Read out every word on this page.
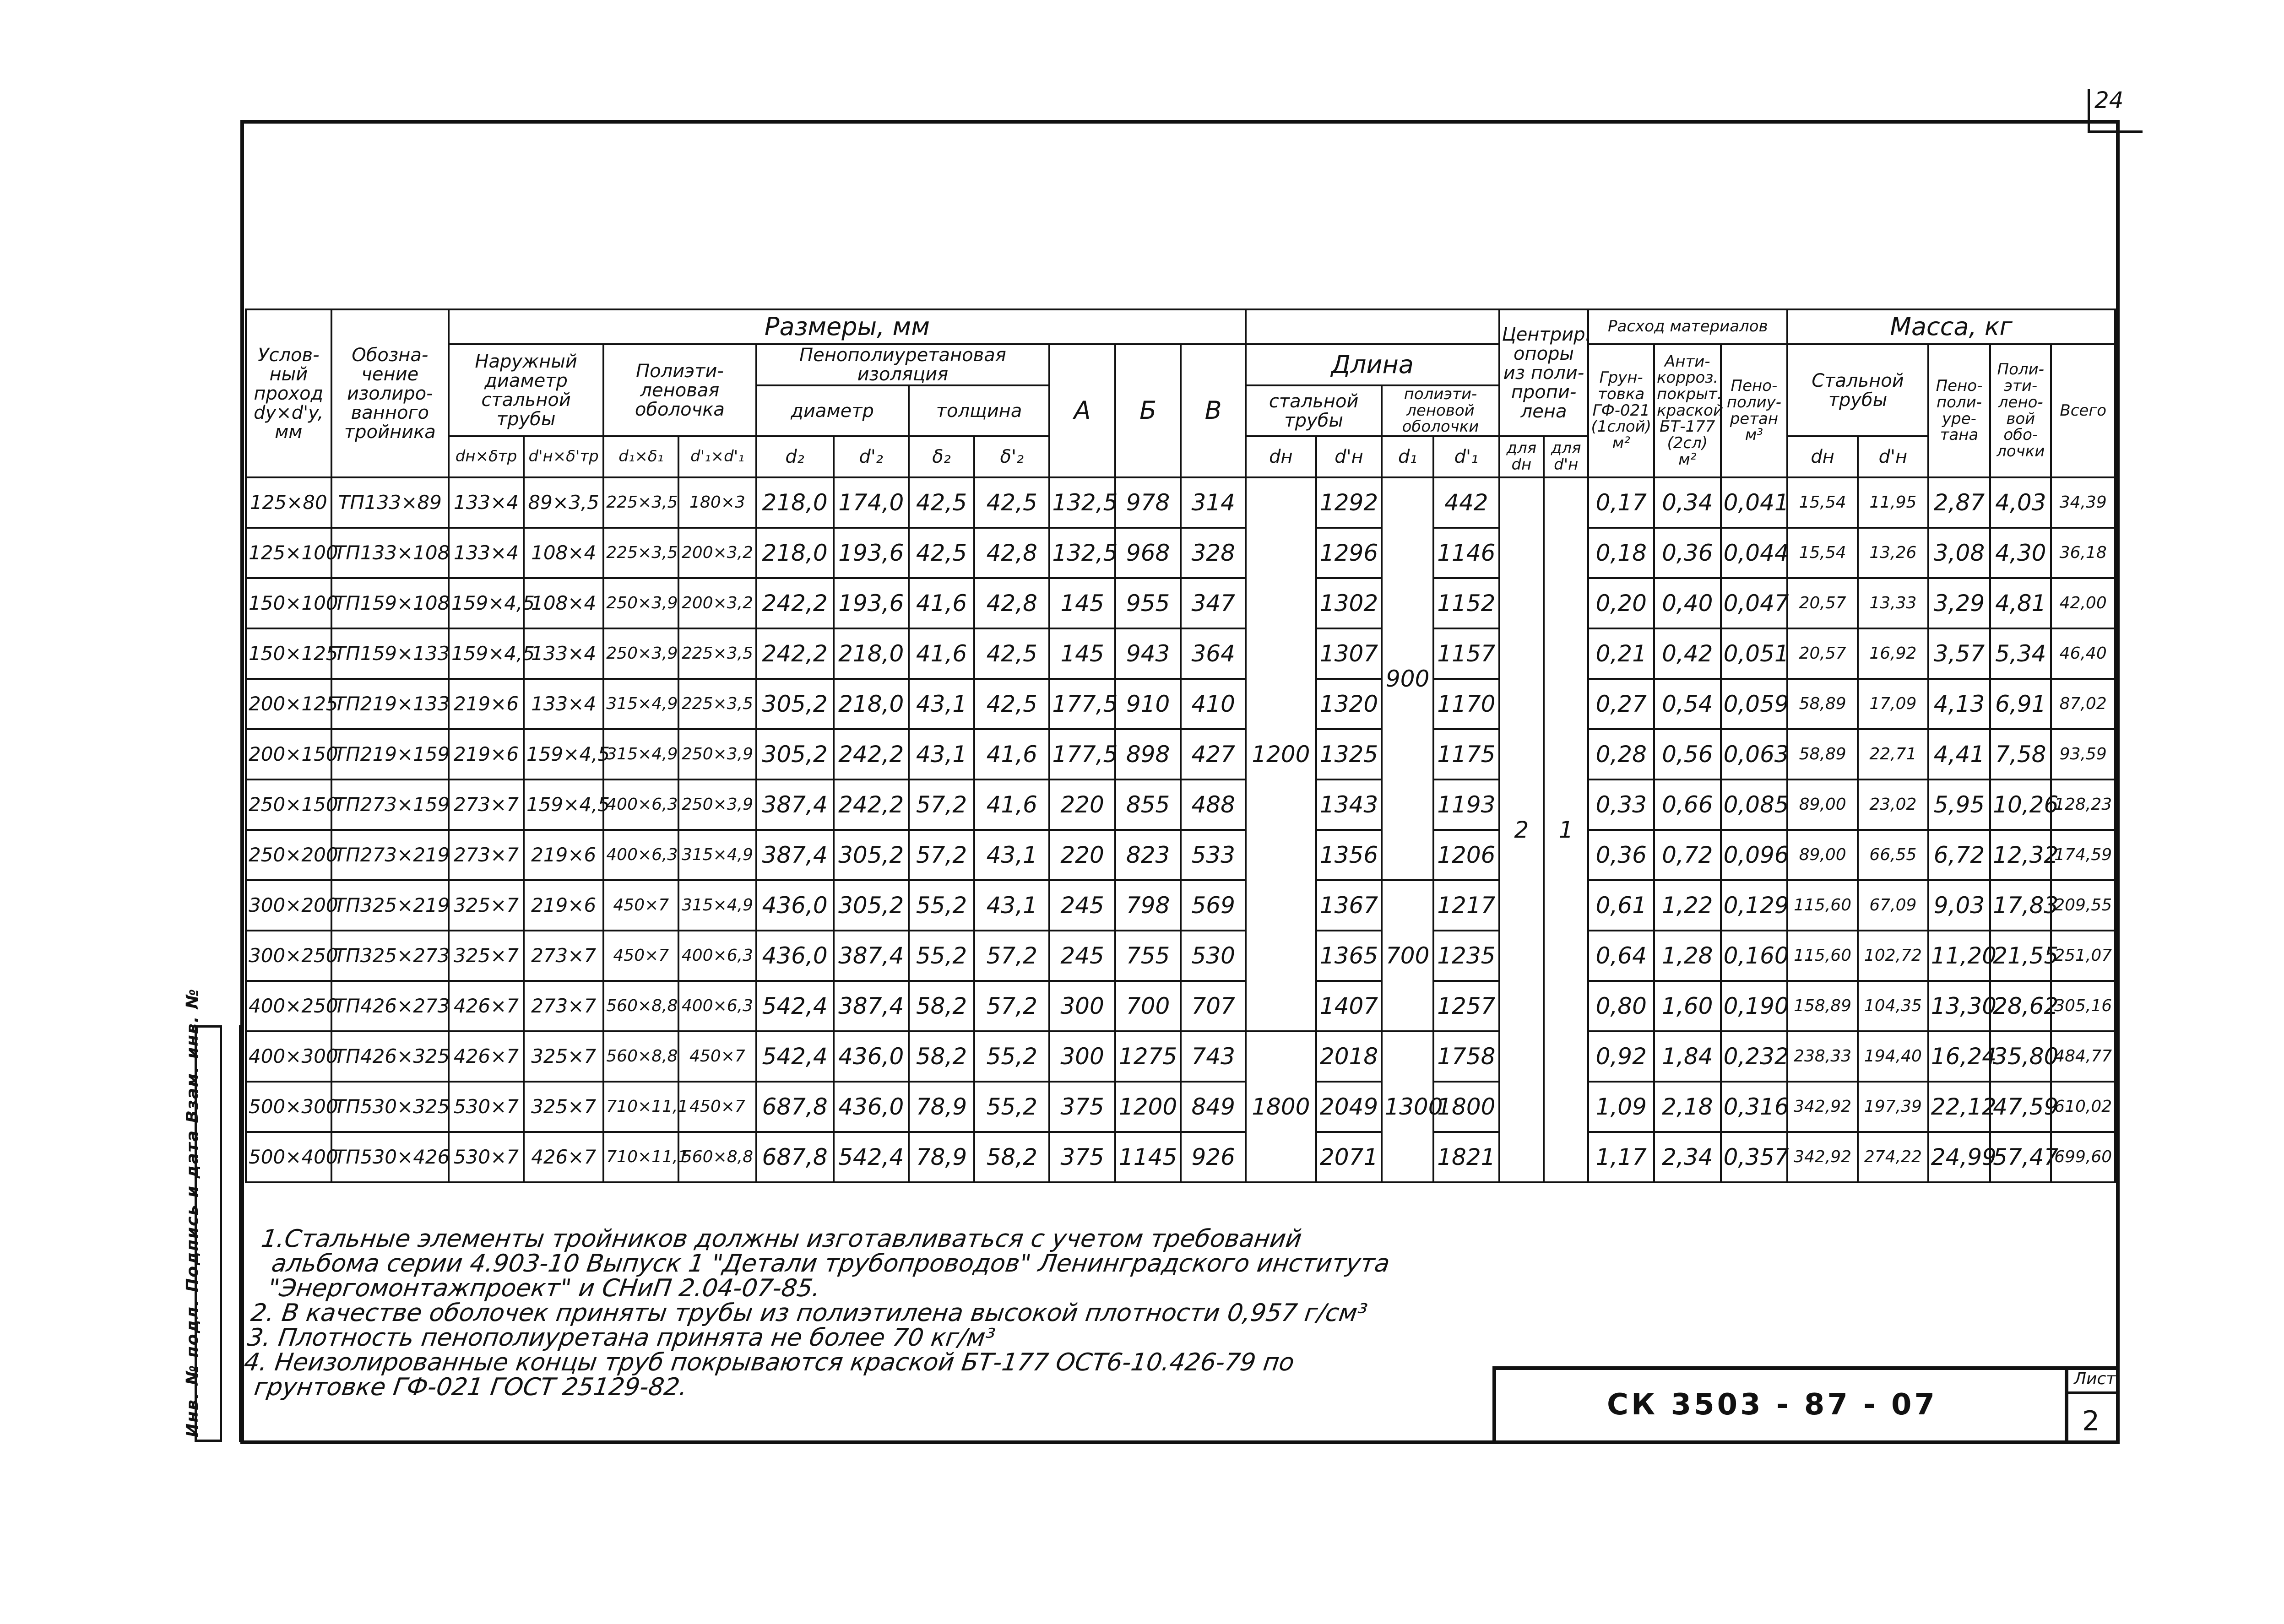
24
Инв. № подл. Подпись и дата Взам. инв. №
Услов-ный проход dy×d'y, мм	Обозна-чение изолиро-ванного тройника	Размеры, мм															Центрир. опоры из поли-пропи-лена		Расход материалов			Масса, кг				
		Наружный диаметр стальной трубы		Полиэти-леновая оболочка		Пенополиуретановая изоляция				А	Б	В	Длина						Грун-товка ГФ-021 (1слой) м²	Анти-корроз. покрыт. краской БТ-177 (2сл) м²	Пено-полиу-ретан м³	Стальной трубы		Пено-поли-уре-тана	Поли-эти-лено-вой обо-лочки	Всего
						диаметр		толщина					стальной трубы		полиэти-леновой оболочки											
		dн×δтр	d'н×δ'тр	d₁×δ₁	d'₁×d'₁	d₂	d'₂	δ₂	δ'₂				dн	d'н	d₁	d'₁	для dн	для d'н				dн	d'н			
125×80	ТП133×89	133×4	89×3,5	225×3,5	180×3	218,0	174,0	42,5	42,5	132,5	978	314	1200	1292	900	442	2	1	0,17	0,34	0,041	15,54	11,95	2,87	4,03	34,39
125×100	ТП133×108	133×4	108×4	225×3,5	200×3,2	218,0	193,6	42,5	42,8	132,5	968	328		1296		1146			0,18	0,36	0,044	15,54	13,26	3,08	4,30	36,18
150×100	ТП159×108	159×4,5	108×4	250×3,9	200×3,2	242,2	193,6	41,6	42,8	145	955	347		1302		1152			0,20	0,40	0,047	20,57	13,33	3,29	4,81	42,00
150×125	ТП159×133	159×4,5	133×4	250×3,9	225×3,5	242,2	218,0	41,6	42,5	145	943	364		1307		1157			0,21	0,42	0,051	20,57	16,92	3,57	5,34	46,40
200×125	ТП219×133	219×6	133×4	315×4,9	225×3,5	305,2	218,0	43,1	42,5	177,5	910	410		1320		1170			0,27	0,54	0,059	58,89	17,09	4,13	6,91	87,02
200×150	ТП219×159	219×6	159×4,5	315×4,9	250×3,9	305,2	242,2	43,1	41,6	177,5	898	427		1325		1175			0,28	0,56	0,063	58,89	22,71	4,41	7,58	93,59
250×150	ТП273×159	273×7	159×4,5	400×6,3	250×3,9	387,4	242,2	57,2	41,6	220	855	488		1343		1193			0,33	0,66	0,085	89,00	23,02	5,95	10,26	128,23
250×200	ТП273×219	273×7	219×6	400×6,3	315×4,9	387,4	305,2	57,2	43,1	220	823	533		1356		1206			0,36	0,72	0,096	89,00	66,55	6,72	12,32	174,59
300×200	ТП325×219	325×7	219×6	450×7	315×4,9	436,0	305,2	55,2	43,1	245	798	569		1367	700	1217			0,61	1,22	0,129	115,60	67,09	9,03	17,83	209,55
300×250	ТП325×273	325×7	273×7	450×7	400×6,3	436,0	387,4	55,2	57,2	245	755	530		1365		1235			0,64	1,28	0,160	115,60	102,72	11,20	21,55	251,07
400×250	ТП426×273	426×7	273×7	560×8,8	400×6,3	542,4	387,4	58,2	57,2	300	700	707		1407		1257			0,80	1,60	0,190	158,89	104,35	13,30	28,62	305,16
400×300	ТП426×325	426×7	325×7	560×8,8	450×7	542,4	436,0	58,2	55,2	300	1275	743	1800	2018	1300	1758			0,92	1,84	0,232	238,33	194,40	16,24	35,80	484,77
500×300	ТП530×325	530×7	325×7	710×11,1	450×7	687,8	436,0	78,9	55,2	375	1200	849		2049		1800			1,09	2,18	0,316	342,92	197,39	22,12	47,59	610,02
500×400	ТП530×426	530×7	426×7	710×11,1	560×8,8	687,8	542,4	78,9	58,2	375	1145	926		2071		1821			1,17	2,34	0,357	342,92	274,22	24,99	57,47	699,60
1.Стальные элементы тройников должны изготавливаться с учетом требований
альбома серии 4.903-10 Выпуск 1 "Детали трубопроводов" Ленинградского института
"Энергомонтажпроект" и СНиП 2.04-07-85.
2. В качестве оболочек приняты трубы из полиэтилена высокой плотности 0,957 г/см³
3. Плотность пенополиуретана принята не более 70 кг/м³
4. Неизолированные концы труб покрываются краской БТ-177 ОСТ6-10.426-79 по
грунтовке ГФ-021 ГОСТ 25129-82.
СК 3503 - 87 - 07
Лист
2
